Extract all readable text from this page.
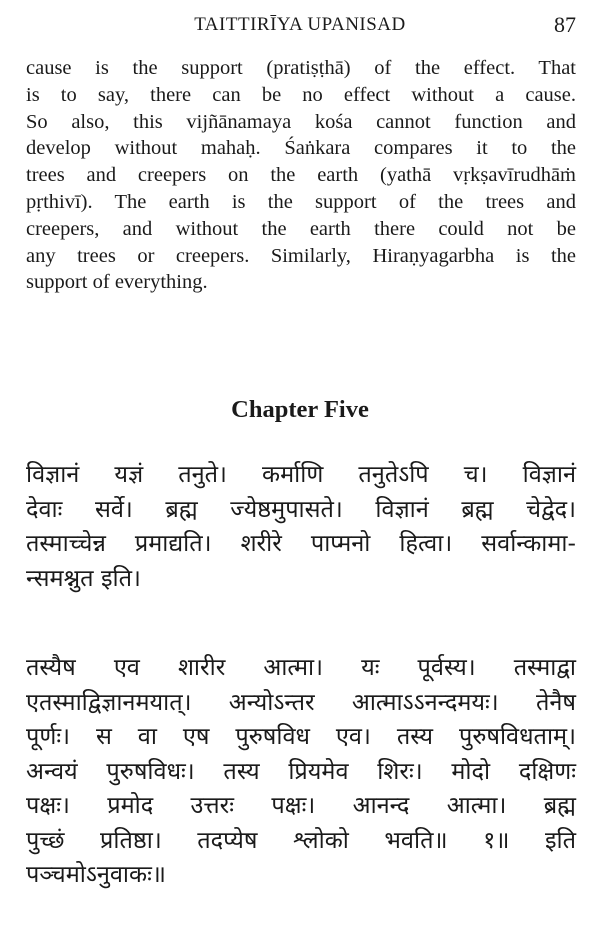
TAITTIRĪYA UPANISAD	87
cause is the support (pratiṣṭhā) of the effect. That
is to say, there can be no effect without a cause.
So also, this vijñānamaya kośa cannot function and
develop without mahaḥ. Śaṅkara compares it to the
trees and creepers on the earth (yathā vṛkṣavīrudhāṁ
pṛthivī). The earth is the support of the trees and
creepers, and without the earth there could not be
any trees or creepers. Similarly, Hiraṇyagarbha is the
support of everything.
Chapter Five
विज्ञानं यज्ञं तनुते। कर्माणि तनुतेऽपि च। विज्ञानं
देवाः सर्वे। ब्रह्म ज्येष्ठमुपासते। विज्ञानं ब्रह्म चेद्वेद।
तस्माच्चेन्न प्रमाद्यति। शरीरे पाप्मनो हित्वा। सर्वान्कामा-
न्समश्नुत इति।
तस्यैष एव शारीर आत्मा। यः पूर्वस्य। तस्माद्वा
एतस्माद्विज्ञानमयात्। अन्योऽन्तर आत्माऽऽनन्दमयः। तेनैष
पूर्णः। स वा एष पुरुषविध एव। तस्य पुरुषविधताम्।
अन्वयं पुरुषविधः। तस्य प्रियमेव शिरः। मोदो दक्षिणः
पक्षः। प्रमोद उत्तरः पक्षः। आनन्द आत्मा। ब्रह्म
पुच्छं प्रतिष्ठा। तदप्येष श्लोको भवति॥ १॥ इति
पञ्चमोऽनुवाकः॥
